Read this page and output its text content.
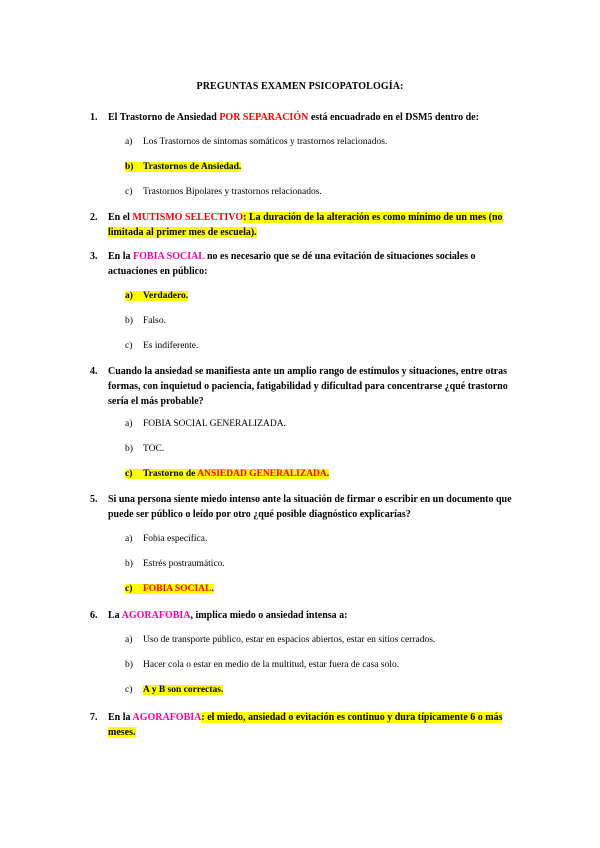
PREGUNTAS EXAMEN PSICOPATOLOGÍA:
1. El Trastorno de Ansiedad POR SEPARACIÓN está encuadrado en el DSM5 dentro de:
a) Los Trastornos de síntomas somáticos y trastornos relacionados.
b) Trastornos de Ansiedad.
c) Trastornos Bipolares y trastornos relacionados.
2. En el MUTISMO SELECTIVO: La duración de la alteración es como mínimo de un mes (no limitada al primer mes de escuela).
3. En la FOBIA SOCIAL no es necesario que se dé una evitación de situaciones sociales o actuaciones en público:
a) Verdadero.
b) Falso.
c) Es indiferente.
4. Cuando la ansiedad se manifiesta ante un amplio rango de estímulos y situaciones, entre otras formas, con inquietud o paciencia, fatigabilidad y dificultad para concentrarse ¿qué trastorno sería el más probable?
a) FOBIA SOCIAL GENERALIZADA.
b) TOC.
c) Trastorno de ANSIEDAD GENERALIZADA.
5. Si una persona siente miedo intenso ante la situación de firmar o escribir en un documento que puede ser público o leído por otro ¿qué posible diagnóstico explicarías?
a) Fobia específica.
b) Estrés postraumático.
c) FOBIA SOCIAL.
6. La AGORAFOBIA, implica miedo o ansiedad intensa a:
a) Uso de transporte público, estar en espacios abiertos, estar en sitios cerrados.
b) Hacer cola o estar en medio de la multitud, estar fuera de casa solo.
c) A y B son correctas.
7. En la AGORAFOBIA: el miedo, ansiedad o evitación es continuo y dura típicamente 6 o más meses.
